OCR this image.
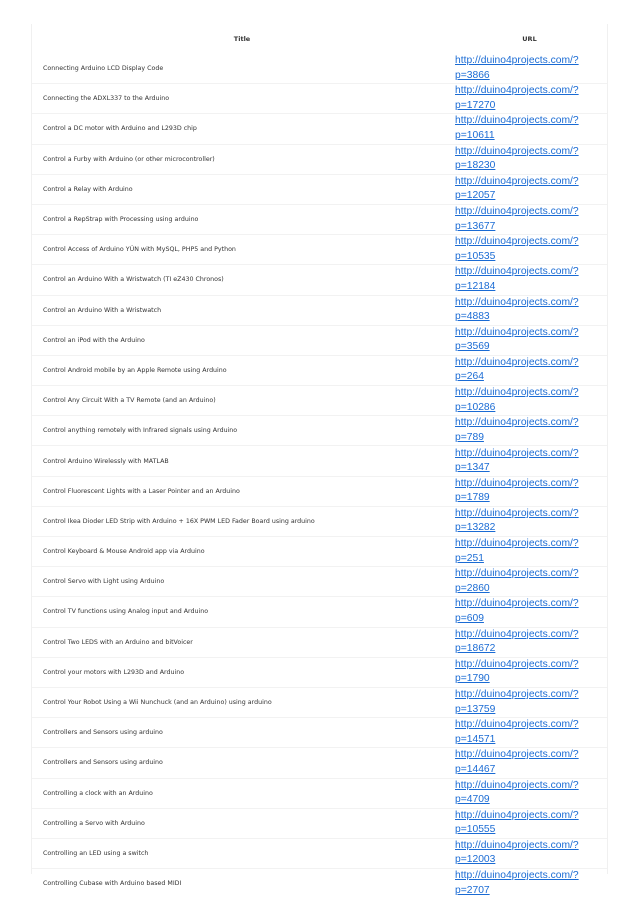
Title	URL
Connecting Arduino LCD Display Code	http://duino4projects.com/?
p=3866

Connecting the ADXL337 to the Arduino	http://duino4projects.com/?
p=17270

Control a DC motor with Arduino and L293D chip	http://duino4projects.com/?
p=10611

Control a Furby with Arduino (or other microcontroller)	http://duino4projects.com/?
p=18230

Control a Relay with Arduino	http://duino4projects.com/?
p=12057

Control a RepStrap with Processing using arduino	http://duino4projects.com/?
p=13677

Control Access of Arduino YÚN with MySQL, PHP5 and Python	http://duino4projects.com/?
p=10535

Control an Arduino With a Wristwatch (TI eZ430 Chronos)	http://duino4projects.com/?
p=12184

Control an Arduino With a Wristwatch	http://duino4projects.com/?
p=4883

Control an iPod with the Arduino	http://duino4projects.com/?
p=3569

Control Android mobile by an Apple Remote using Arduino	http://duino4projects.com/?
p=264

Control Any Circuit With a TV Remote (and an Arduino)	http://duino4projects.com/?
p=10286

Control anything remotely with Infrared signals using Arduino	http://duino4projects.com/?
p=789

Control Arduino Wirelessly with MATLAB	http://duino4projects.com/?
p=1347

Control Fluorescent Lights with a Laser Pointer and an Arduino	http://duino4projects.com/?
p=1789

Control Ikea Dioder LED Strip with Arduino + 16X PWM LED Fader Board using arduino	http://duino4projects.com/?
p=13282

Control Keyboard & Mouse Android app via Arduino	http://duino4projects.com/?
p=251

Control Servo with Light using Arduino	http://duino4projects.com/?
p=2860

Control TV functions using Analog input and Arduino	http://duino4projects.com/?
p=609

Control Two LEDS with an Arduino and bitVoicer	http://duino4projects.com/?
p=18672

Control your motors with L293D and Arduino	http://duino4projects.com/?
p=1790

Control Your Robot Using a Wii Nunchuck (and an Arduino) using arduino	http://duino4projects.com/?
p=13759

Controllers and Sensors using arduino	http://duino4projects.com/?
p=14571

Controllers and Sensors using arduino	http://duino4projects.com/?
p=14467

Controlling a clock with an Arduino	http://duino4projects.com/?
p=4709

Controlling a Servo with Arduino	http://duino4projects.com/?
p=10555

Controlling an LED using a switch	http://duino4projects.com/?
p=12003

Controlling Cubase with Arduino based MIDI	http://duino4projects.com/?
p=2707
